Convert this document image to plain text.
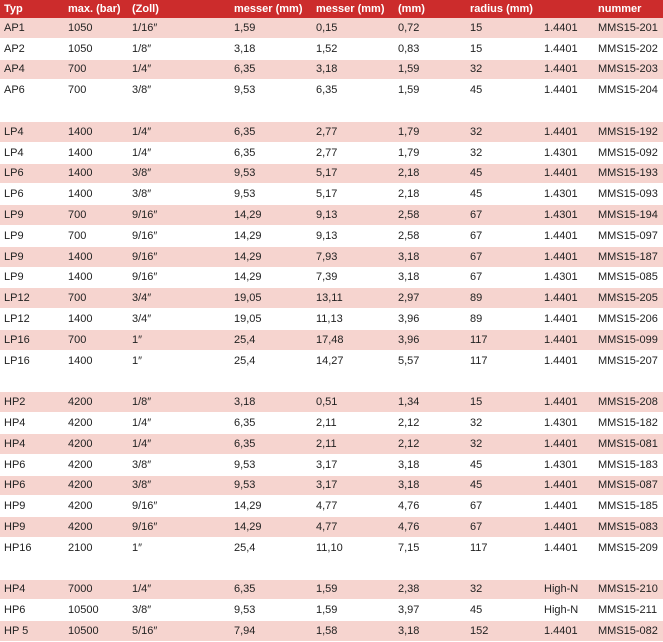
Typ	max. (bar)	(Zoll)	messer (mm)	messer (mm)	(mm)	radius (mm)		nummer
AP1	1050	1/16″	1,59	0,15	0,72	15	1.4401	MMS15-201
AP2	1050	1/8″	3,18	1,52	0,83	15	1.4401	MMS15-202
AP4	700	1/4″	6,35	3,18	1,59	32	1.4401	MMS15-203
AP6	700	3/8″	9,53	6,35	1,59	45	1.4401	MMS15-204

LP4	1400	1/4″	6,35	2,77	1,79	32	1.4401	MMS15-192
LP4	1400	1/4″	6,35	2,77	1,79	32	1.4301	MMS15-092
LP6	1400	3/8″	9,53	5,17	2,18	45	1.4401	MMS15-193
LP6	1400	3/8″	9,53	5,17	2,18	45	1.4301	MMS15-093
LP9	700	9/16″	14,29	9,13	2,58	67	1.4301	MMS15-194
LP9	700	9/16″	14,29	9,13	2,58	67	1.4401	MMS15-097
LP9	1400	9/16″	14,29	7,93	3,18	67	1.4401	MMS15-187
LP9	1400	9/16″	14,29	7,39	3,18	67	1.4301	MMS15-085
LP12	700	3/4″	19,05	13,11	2,97	89	1.4401	MMS15-205
LP12	1400	3/4″	19,05	11,13	3,96	89	1.4401	MMS15-206
LP16	700	1″	25,4	17,48	3,96	117	1.4401	MMS15-099
LP16	1400	1″	25,4	14,27	5,57	117	1.4401	MMS15-207

HP2	4200	1/8″	3,18	0,51	1,34	15	1.4401	MMS15-208
HP4	4200	1/4″	6,35	2,11	2,12	32	1.4301	MMS15-182
HP4	4200	1/4″	6,35	2,11	2,12	32	1.4401	MMS15-081
HP6	4200	3/8″	9,53	3,17	3,18	45	1.4301	MMS15-183
HP6	4200	3/8″	9,53	3,17	3,18	45	1.4401	MMS15-087
HP9	4200	9/16″	14,29	4,77	4,76	67	1.4401	MMS15-185
HP9	4200	9/16″	14,29	4,77	4,76	67	1.4401	MMS15-083
HP16	2100	1″	25,4	11,10	7,15	117	1.4401	MMS15-209

HP4	7000	1/4″	6,35	1,59	2,38	32	High-N	MMS15-210
HP6	10500	3/8″	9,53	1,59	3,97	45	High-N	MMS15-211
HP 5	10500	5/16″	7,94	1,58	3,18	152	1.4401	MMS15-082
